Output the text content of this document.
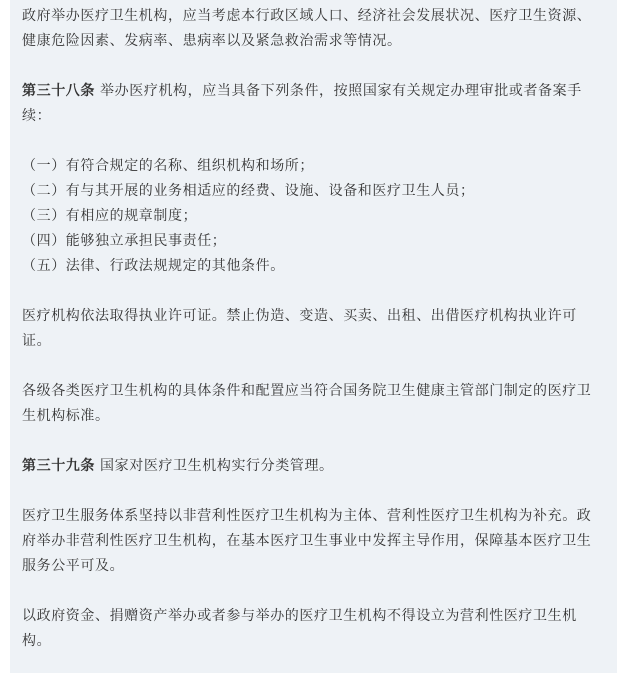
政府举办医疗卫生机构，应当考虑本行政区域人口、经济社会发展状况、医疗卫生资源、健康危险因素、发病率、患病率以及紧急救治需求等情况。

第三十八条 举办医疗机构，应当具备下列条件，按照国家有关规定办理审批或者备案手续：

（一）有符合规定的名称、组织机构和场所；

（二）有与其开展的业务相适应的经费、设施、设备和医疗卫生人员；

（三）有相应的规章制度；

（四）能够独立承担民事责任；

（五）法律、行政法规规定的其他条件。

医疗机构依法取得执业许可证。禁止伪造、变造、买卖、出租、出借医疗机构执业许可证。

各级各类医疗卫生机构的具体条件和配置应当符合国务院卫生健康主管部门制定的医疗卫生机构标准。

第三十九条 国家对医疗卫生机构实行分类管理。

医疗卫生服务体系坚持以非营利性医疗卫生机构为主体、营利性医疗卫生机构为补充。政府举办非营利性医疗卫生机构，在基本医疗卫生事业中发挥主导作用，保障基本医疗卫生服务公平可及。

以政府资金、捐赠资产举办或者参与举办的医疗卫生机构不得设立为营利性医疗卫生机构。
